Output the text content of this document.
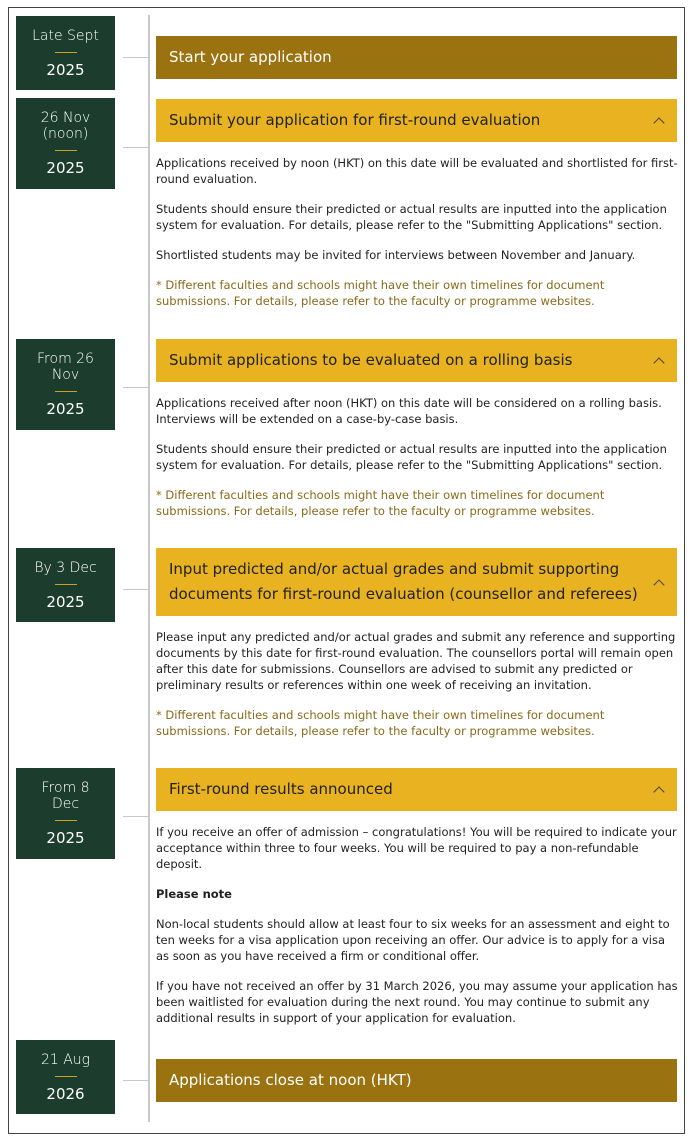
Late Sept
2025
Start your application
26 Nov
(noon)
2025
Submit your application for first-round evaluation

Applications received by noon (HKT) on this date will be evaluated and shortlisted for first-round evaluation.

Students should ensure their predicted or actual results are inputted into the application system for evaluation. For details, please refer to the "Submitting Applications" section.

Shortlisted students may be invited for interviews between November and January.

* Different faculties and schools might have their own timelines for document submissions. For details, please refer to the faculty or programme websites.

From 26
Nov
2025
Submit applications to be evaluated on a rolling basis

Applications received after noon (HKT) on this date will be considered on a rolling basis. Interviews will be extended on a case-by-case basis.

Students should ensure their predicted or actual results are inputted into the application system for evaluation. For details, please refer to the "Submitting Applications" section.

* Different faculties and schools might have their own timelines for document submissions. For details, please refer to the faculty or programme websites.

By 3 Dec
2025
Input predicted and/or actual grades and submit supporting documents for first-round evaluation (counsellor and referees)

Please input any predicted and/or actual grades and submit any reference and supporting documents by this date for first-round evaluation. The counsellors portal will remain open after this date for submissions. Counsellors are advised to submit any predicted or preliminary results or references within one week of receiving an invitation.

* Different faculties and schools might have their own timelines for document submissions. For details, please refer to the faculty or programme websites.

From 8
Dec
2025
First-round results announced

If you receive an offer of admission – congratulations! You will be required to indicate your acceptance within three to four weeks. You will be required to pay a non-refundable deposit.

Please note

Non-local students should allow at least four to six weeks for an assessment and eight to ten weeks for a visa application upon receiving an offer. Our advice is to apply for a visa as soon as you have received a firm or conditional offer.

If you have not received an offer by 31 March 2026, you may assume your application has been waitlisted for evaluation during the next round. You may continue to submit any additional results in support of your application for evaluation.

21 Aug
2026
Applications close at noon (HKT)
